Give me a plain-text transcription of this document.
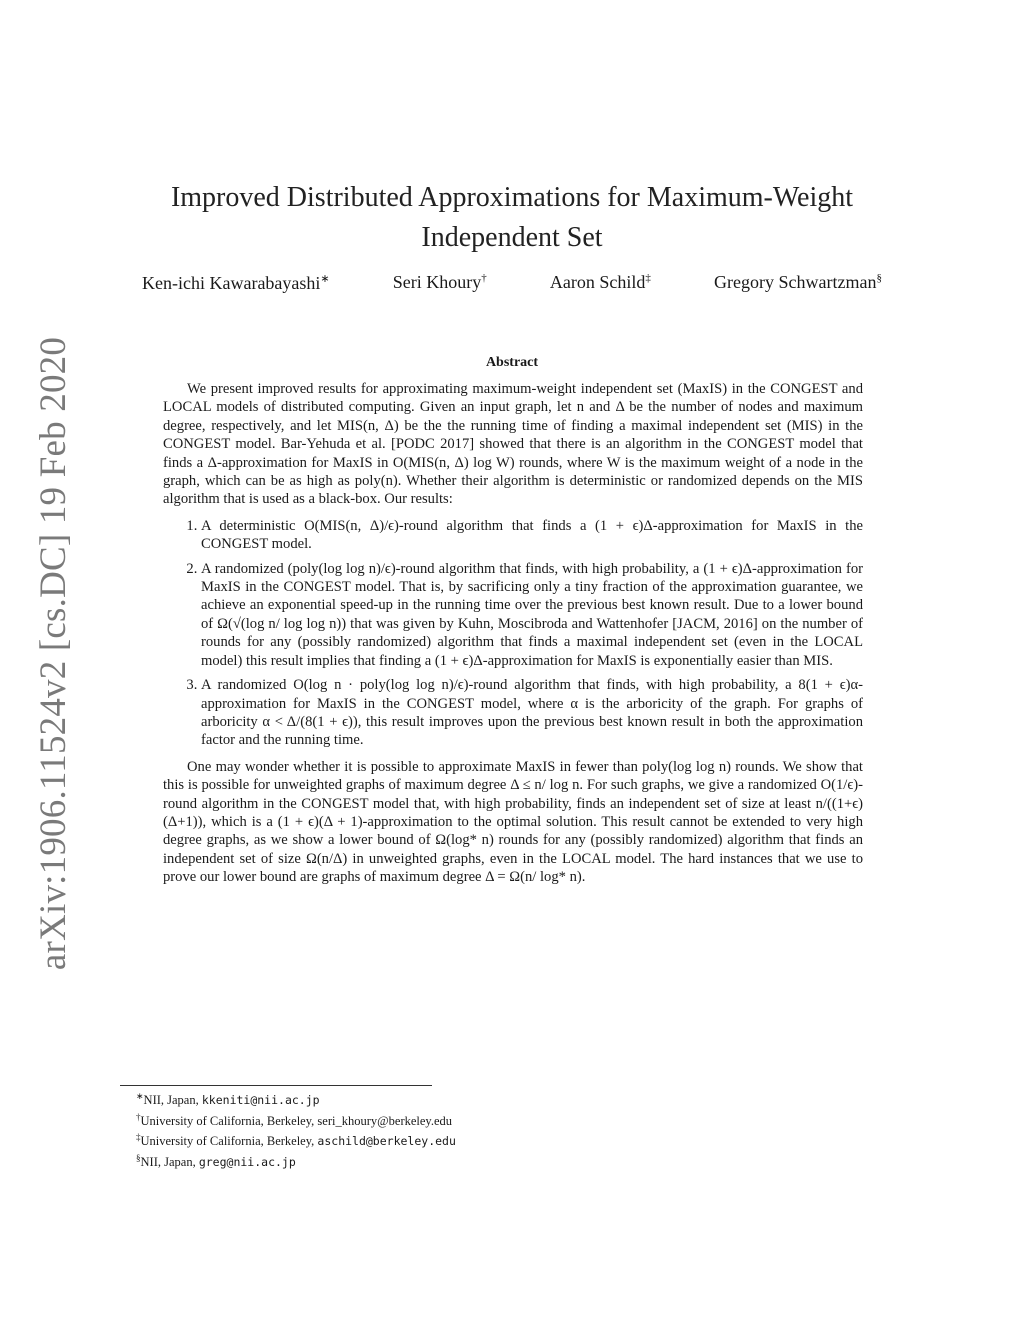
arXiv:1906.11524v2 [cs.DC] 19 Feb 2020
Improved Distributed Approximations for Maximum-Weight Independent Set
Ken-ichi Kawarabayashi∗	Seri Khoury†	Aaron Schild‡	Gregory Schwartzman§
Abstract

We present improved results for approximating maximum-weight independent set (MaxIS) in the CONGEST and LOCAL models of distributed computing. Given an input graph, let n and Δ be the number of nodes and maximum degree, respectively, and let MIS(n, Δ) be the the running time of finding a maximal independent set (MIS) in the CONGEST model. Bar-Yehuda et al. [PODC 2017] showed that there is an algorithm in the CONGEST model that finds a Δ-approximation for MaxIS in O(MIS(n, Δ) log W) rounds, where W is the maximum weight of a node in the graph, which can be as high as poly(n). Whether their algorithm is deterministic or randomized depends on the MIS algorithm that is used as a black-box. Our results:

1. A deterministic O(MIS(n, Δ)/ϵ)-round algorithm that finds a (1 + ϵ)Δ-approximation for MaxIS in the CONGEST model.
2. A randomized (poly(log log n)/ϵ)-round algorithm that finds, with high probability, a (1 + ϵ)Δ-approximation for MaxIS in the CONGEST model. That is, by sacrificing only a tiny fraction of the approximation guarantee, we achieve an exponential speed-up in the running time over the previous best known result. Due to a lower bound of Ω(√(log n/ log log n)) that was given by Kuhn, Moscibroda and Wattenhofer [JACM, 2016] on the number of rounds for any (possibly randomized) algorithm that finds a maximal independent set (even in the LOCAL model) this result implies that finding a (1 + ϵ)Δ-approximation for MaxIS is exponentially easier than MIS.
3. A randomized O(log n · poly(log log n)/ϵ)-round algorithm that finds, with high probability, a 8(1 + ϵ)α-approximation for MaxIS in the CONGEST model, where α is the arboricity of the graph. For graphs of arboricity α < Δ/(8(1 + ϵ)), this result improves upon the previous best known result in both the approximation factor and the running time.

One may wonder whether it is possible to approximate MaxIS in fewer than poly(log log n) rounds. We show that this is possible for unweighted graphs of maximum degree Δ ≤ n/ log n. For such graphs, we give a randomized O(1/ϵ)-round algorithm in the CONGEST model that, with high probability, finds an independent set of size at least n/((1+ϵ)(Δ+1)), which is a (1 + ϵ)(Δ + 1)-approximation to the optimal solution. This result cannot be extended to very high degree graphs, as we show a lower bound of Ω(log* n) rounds for any (possibly randomized) algorithm that finds an independent set of size Ω(n/Δ) in unweighted graphs, even in the LOCAL model. The hard instances that we use to prove our lower bound are graphs of maximum degree Δ = Ω(n/ log* n).

∗NII, Japan, kkeniti@nii.ac.jp
†University of California, Berkeley, seri_khoury@berkeley.edu
‡University of California, Berkeley, aschild@berkeley.edu
§NII, Japan, greg@nii.ac.jp
